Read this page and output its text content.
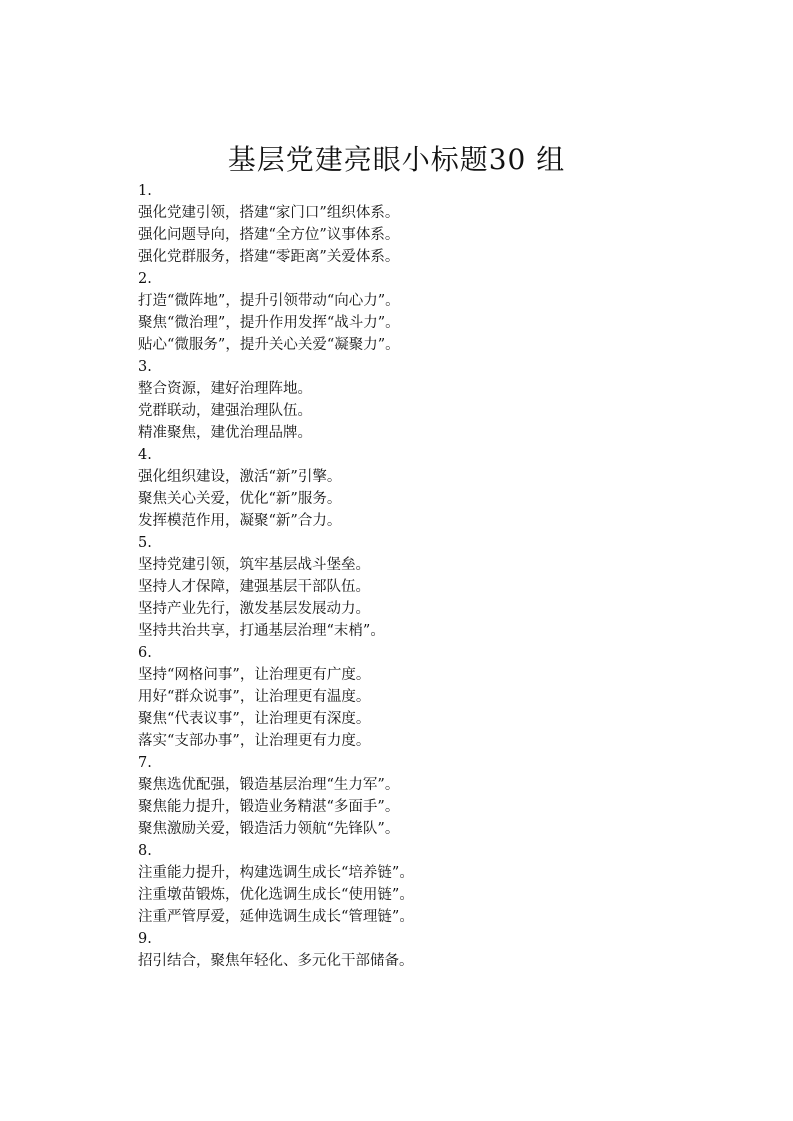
基层党建亮眼小标题30 组
1.
强化党建引领，搭建“家门口”组织体系。
强化问题导向，搭建“全方位”议事体系。
强化党群服务，搭建“零距离”关爱体系。
2.
打造“微阵地”，提升引领带动“向心力”。
聚焦“微治理”，提升作用发挥“战斗力”。
贴心“微服务”，提升关心关爱“凝聚力”。
3.
整合资源，建好治理阵地。
党群联动，建强治理队伍。
精准聚焦，建优治理品牌。
4.
强化组织建设，激活“新”引擎。
聚焦关心关爱，优化“新”服务。
发挥模范作用，凝聚“新”合力。
5.
坚持党建引领，筑牢基层战斗堡垒。
坚持人才保障，建强基层干部队伍。
坚持产业先行，激发基层发展动力。
坚持共治共享，打通基层治理“末梢”。
6.
坚持“网格问事”，让治理更有广度。
用好“群众说事”，让治理更有温度。
聚焦“代表议事”，让治理更有深度。
落实“支部办事”，让治理更有力度。
7.
聚焦选优配强，锻造基层治理“生力军”。
聚焦能力提升，锻造业务精湛“多面手”。
聚焦激励关爱，锻造活力领航“先锋队”。
8.
注重能力提升，构建选调生成长“培养链”。
注重墩苗锻炼，优化选调生成长“使用链”。
注重严管厚爱，延伸选调生成长“管理链”。
9.
招引结合，聚焦年轻化、多元化干部储备。
